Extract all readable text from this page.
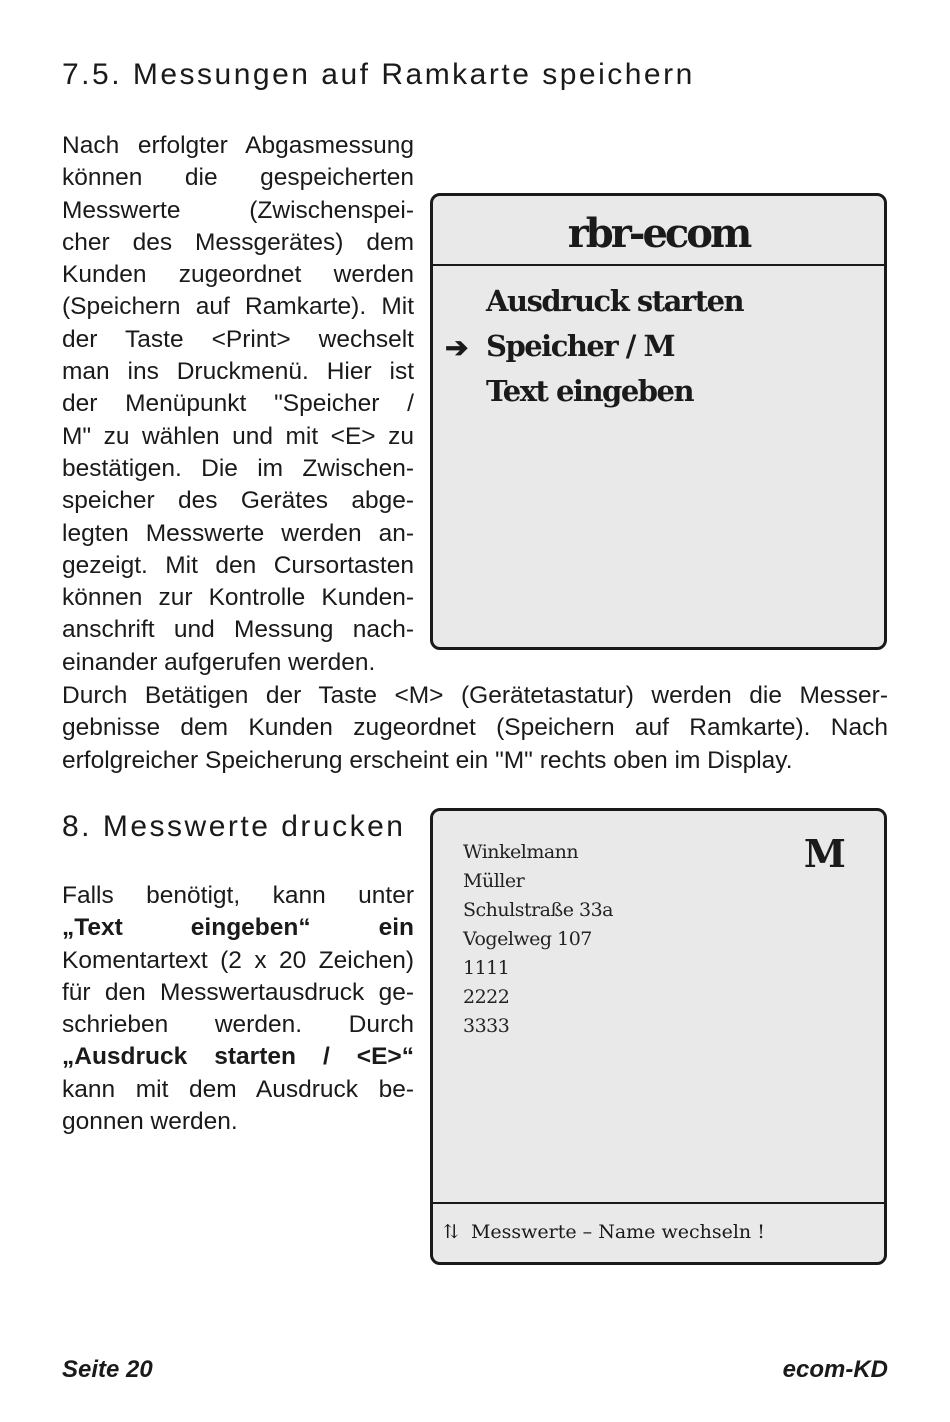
7.5. Messungen auf Ramkarte speichern
Nach erfolgter Abgasmessung
können die gespeicherten
Messwerte (Zwischenspei-
cher des Messgerätes) dem
Kunden zugeordnet werden
(Speichern auf Ramkarte). Mit
der Taste <Print> wechselt
man ins Druckmenü. Hier ist
der Menüpunkt "Speicher /
M" zu wählen und mit <E> zu
bestätigen. Die im Zwischen-
speicher des Gerätes abge-
legten Messwerte werden an-
gezeigt. Mit den Cursortasten
können zur Kontrolle Kunden-
anschrift und Messung nach-
einander aufgerufen werden.
Durch Betätigen der Taste <M> (Gerätetastatur) werden die Messer-
gebnisse dem Kunden zugeordnet (Speichern auf Ramkarte). Nach
erfolgreicher Speicherung erscheint ein "M" rechts oben im Display.
rbr-ecom
Ausdruck starten
➔ Speicher / M
Text eingeben
8. Messwerte drucken
Falls benötigt, kann unter
„Text eingeben“ ein
Komentartext (2 x 20 Zeichen)
für den Messwertausdruck ge-
schrieben werden. Durch
„Ausdruck starten / <E>“
kann mit dem Ausdruck be-
gonnen werden.
M
Winkelmann
Müller
Schulstraße 33a
Vogelweg 107
1111
2222
3333
⇅ Messwerte – Name wechseln !
Seite 20	ecom-KD
